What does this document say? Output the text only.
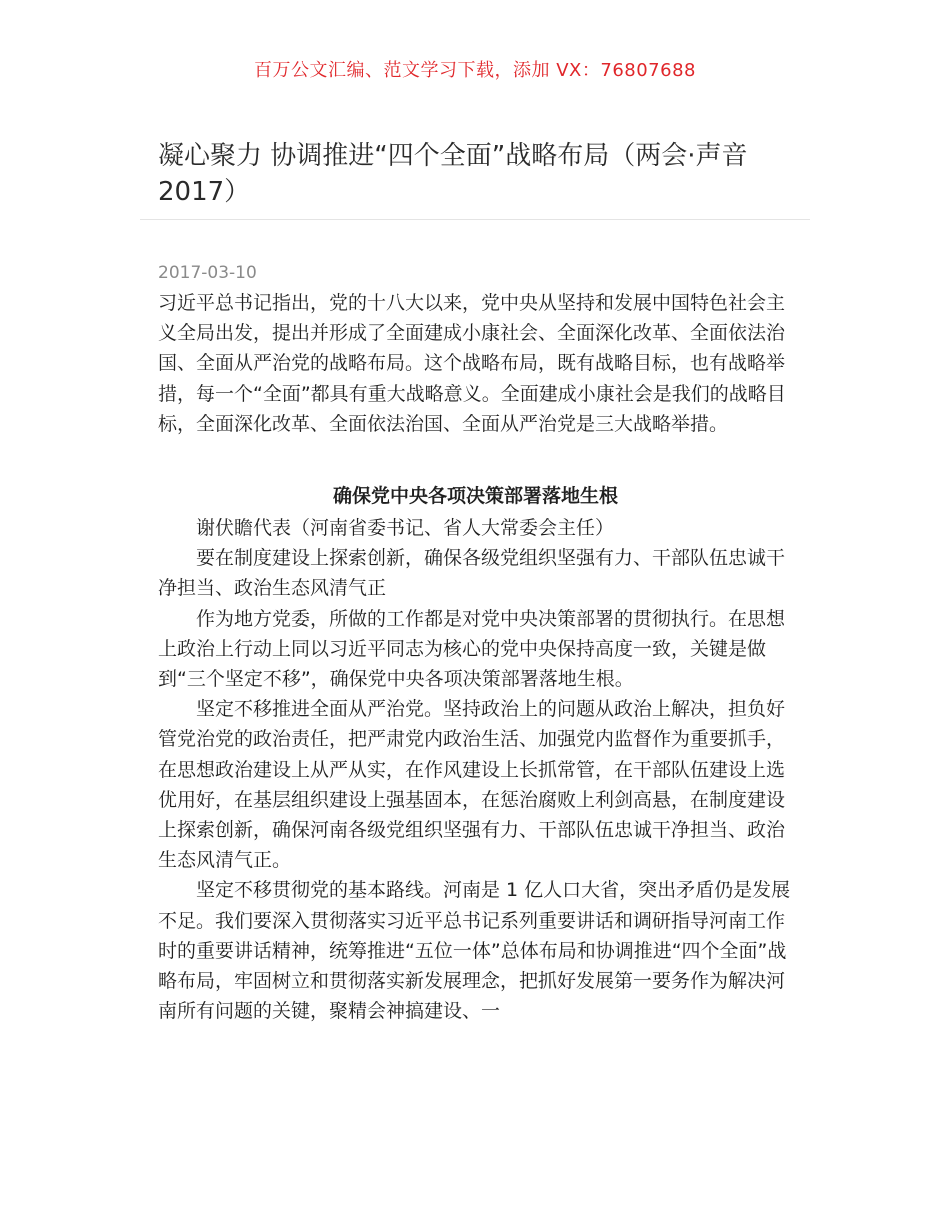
百万公文汇编、范文学习下载，添加 VX：76807688
凝心聚力 协调推进“四个全面”战略布局（两会·声音 2017）
2017-03-10

习近平总书记指出，党的十八大以来，党中央从坚持和发展中国特色社会主义全局出发，提出并形成了全面建成小康社会、全面深化改革、全面依法治国、全面从严治党的战略布局。这个战略布局，既有战略目标，也有战略举措，每一个“全面”都具有重大战略意义。全面建成小康社会是我们的战略目标，全面深化改革、全面依法治国、全面从严治党是三大战略举措。

确保党中央各项决策部署落地生根

谢伏瞻代表（河南省委书记、省人大常委会主任）

要在制度建设上探索创新，确保各级党组织坚强有力、干部队伍忠诚干净担当、政治生态风清气正

作为地方党委，所做的工作都是对党中央决策部署的贯彻执行。在思想上政治上行动上同以习近平同志为核心的党中央保持高度一致，关键是做到“三个坚定不移”，确保党中央各项决策部署落地生根。

坚定不移推进全面从严治党。坚持政治上的问题从政治上解决，担负好管党治党的政治责任，把严肃党内政治生活、加强党内监督作为重要抓手，在思想政治建设上从严从实，在作风建设上长抓常管，在干部队伍建设上选优用好，在基层组织建设上强基固本，在惩治腐败上利剑高悬，在制度建设上探索创新，确保河南各级党组织坚强有力、干部队伍忠诚干净担当、政治生态风清气正。

坚定不移贯彻党的基本路线。河南是 1 亿人口大省，突出矛盾仍是发展不足。我们要深入贯彻落实习近平总书记系列重要讲话和调研指导河南工作时的重要讲话精神，统筹推进“五位一体”总体布局和协调推进“四个全面”战略布局，牢固树立和贯彻落实新发展理念，把抓好发展第一要务作为解决河南所有问题的关键，聚精会神搞建设、一
